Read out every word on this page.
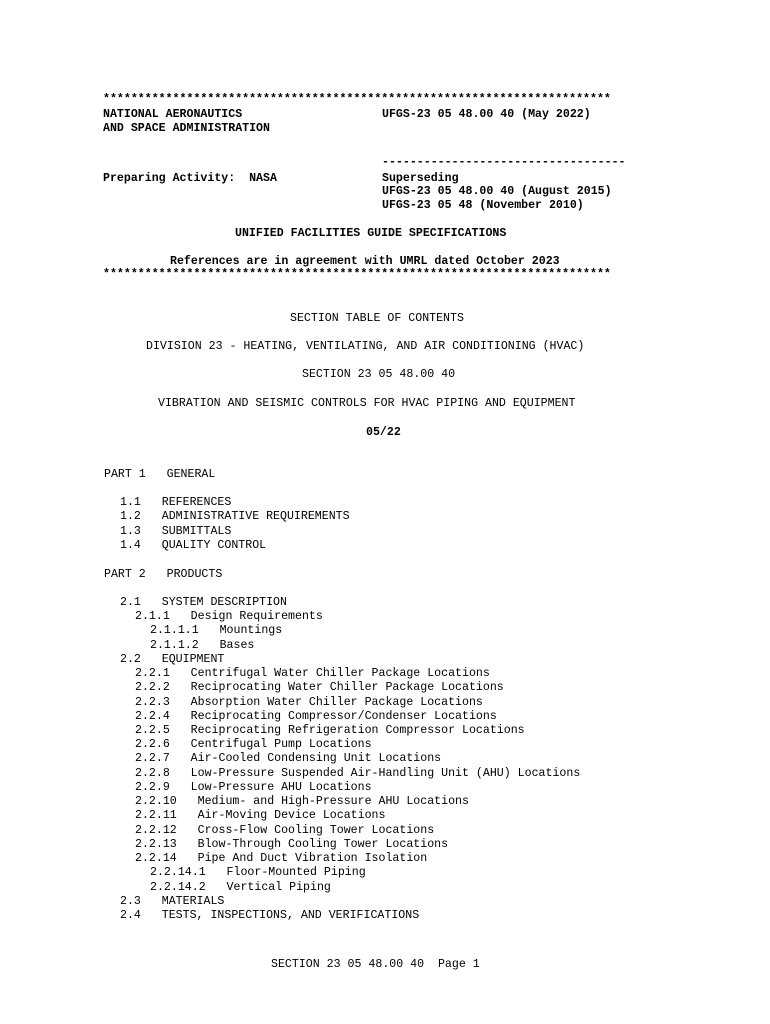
*************************************************************************
NATIONAL AERONAUTICS
AND SPACE ADMINISTRATION
UFGS-23 05 48.00 40 (May 2022)
-----------------------------------
Preparing Activity:  NASA	Superseding
UFGS-23 05 48.00 40 (August 2015)
UFGS-23 05 48 (November 2010)
UNIFIED FACILITIES GUIDE SPECIFICATIONS
References are in agreement with UMRL dated October 2023
*************************************************************************
SECTION TABLE OF CONTENTS
DIVISION 23 - HEATING, VENTILATING, AND AIR CONDITIONING (HVAC)
SECTION 23 05 48.00 40
VIBRATION AND SEISMIC CONTROLS FOR HVAC PIPING AND EQUIPMENT
05/22
PART 1   GENERAL
1.1   REFERENCES
1.2   ADMINISTRATIVE REQUIREMENTS
1.3   SUBMITTALS
1.4   QUALITY CONTROL
PART 2   PRODUCTS
2.1   SYSTEM DESCRIPTION
2.1.1   Design Requirements
2.1.1.1   Mountings
2.1.1.2   Bases
2.2   EQUIPMENT
2.2.1   Centrifugal Water Chiller Package Locations
2.2.2   Reciprocating Water Chiller Package Locations
2.2.3   Absorption Water Chiller Package Locations
2.2.4   Reciprocating Compressor/Condenser Locations
2.2.5   Reciprocating Refrigeration Compressor Locations
2.2.6   Centrifugal Pump Locations
2.2.7   Air-Cooled Condensing Unit Locations
2.2.8   Low-Pressure Suspended Air-Handling Unit (AHU) Locations
2.2.9   Low-Pressure AHU Locations
2.2.10   Medium- and High-Pressure AHU Locations
2.2.11   Air-Moving Device Locations
2.2.12   Cross-Flow Cooling Tower Locations
2.2.13   Blow-Through Cooling Tower Locations
2.2.14   Pipe And Duct Vibration Isolation
2.2.14.1   Floor-Mounted Piping
2.2.14.2   Vertical Piping
2.3   MATERIALS
2.4   TESTS, INSPECTIONS, AND VERIFICATIONS
SECTION 23 05 48.00 40  Page 1
